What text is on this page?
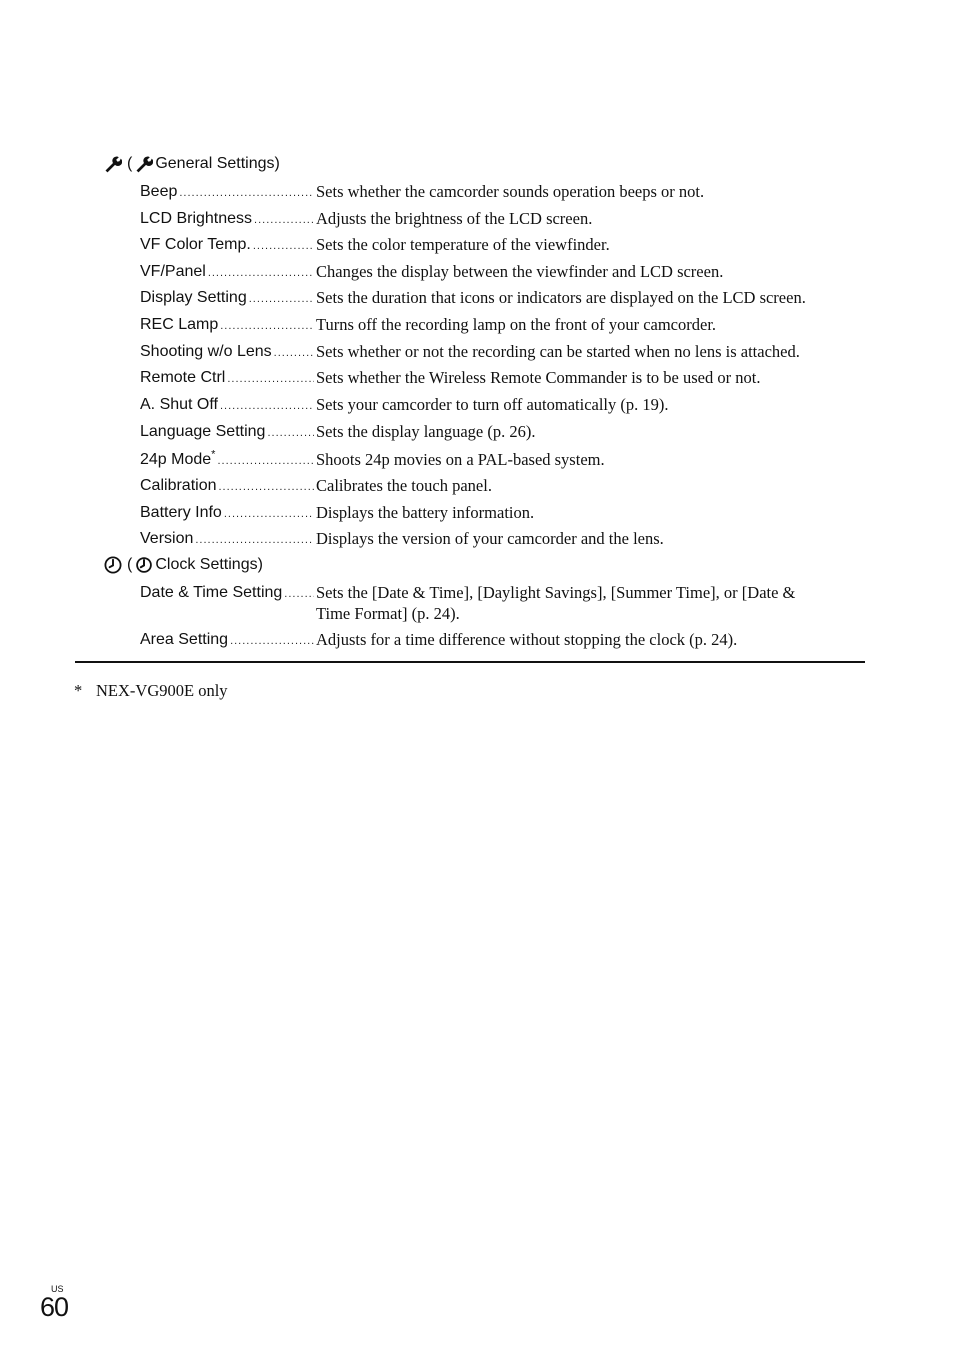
( General Settings)
Beep .....	Sets whether the camcorder sounds operation beeps or not.
LCD Brightness .....	Adjusts the brightness of the LCD screen.
VF Color Temp. .....	Sets the color temperature of the viewfinder.
VF/Panel .....	Changes the display between the viewfinder and LCD screen.
Display Setting .....	Sets the duration that icons or indicators are displayed on the LCD screen.
REC Lamp .....	Turns off the recording lamp on the front of your camcorder.
Shooting w/o Lens .....	Sets whether or not the recording can be started when no lens is attached.
Remote Ctrl .....	Sets whether the Wireless Remote Commander is to be used or not.
A. Shut Off .....	Sets your camcorder to turn off automatically (p. 19).
Language Setting .....	Sets the display language (p. 26).
24p Mode* .....	Shoots 24p movies on a PAL-based system.
Calibration .....	Calibrates the touch panel.
Battery Info .....	Displays the battery information.
Version .....	Displays the version of your camcorder and the lens.
( Clock Settings)
Date & Time Setting ..... Sets the [Date & Time], [Daylight Savings], [Summer Time], or [Date &
Time Format] (p. 24).
Area Setting .....	Adjusts for a time difference without stopping the clock (p. 24).
* NEX-VG900E only
US
60
